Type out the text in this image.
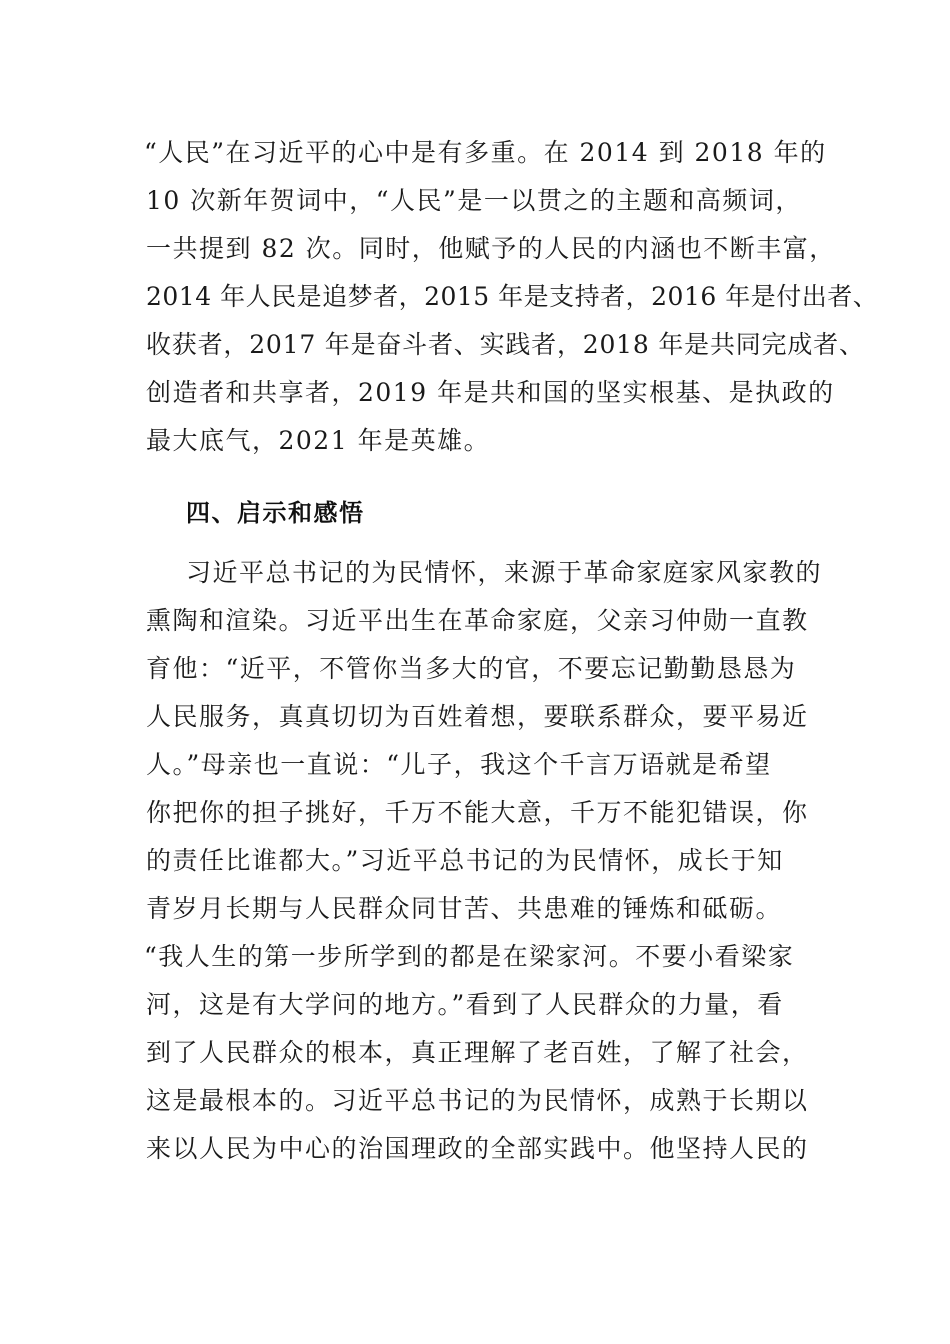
“人民”在习近平的心中是有多重。在 2014 到 2018 年的
10 次新年贺词中，“人民”是一以贯之的主题和高频词，
一共提到 82 次。同时，他赋予的人民的内涵也不断丰富，
2014 年人民是追梦者，2015 年是支持者，2016 年是付出者、
收获者，2017 年是奋斗者、实践者，2018 年是共同完成者、
创造者和共享者，2019 年是共和国的坚实根基、是执政的
最大底气，2021 年是英雄。
四、启示和感悟
习近平总书记的为民情怀，来源于革命家庭家风家教的
熏陶和渲染。习近平出生在革命家庭，父亲习仲勋一直教
育他：“近平，不管你当多大的官，不要忘记勤勤恳恳为
人民服务，真真切切为百姓着想，要联系群众，要平易近
人。”母亲也一直说：“儿子，我这个千言万语就是希望
你把你的担子挑好，千万不能大意，千万不能犯错误，你
的责任比谁都大。”习近平总书记的为民情怀，成长于知
青岁月长期与人民群众同甘苦、共患难的锤炼和砥砺。
“我人生的第一步所学到的都是在梁家河。不要小看梁家
河，这是有大学问的地方。”看到了人民群众的力量，看
到了人民群众的根本，真正理解了老百姓，了解了社会，
这是最根本的。习近平总书记的为民情怀，成熟于长期以
来以人民为中心的治国理政的全部实践中。他坚持人民的
